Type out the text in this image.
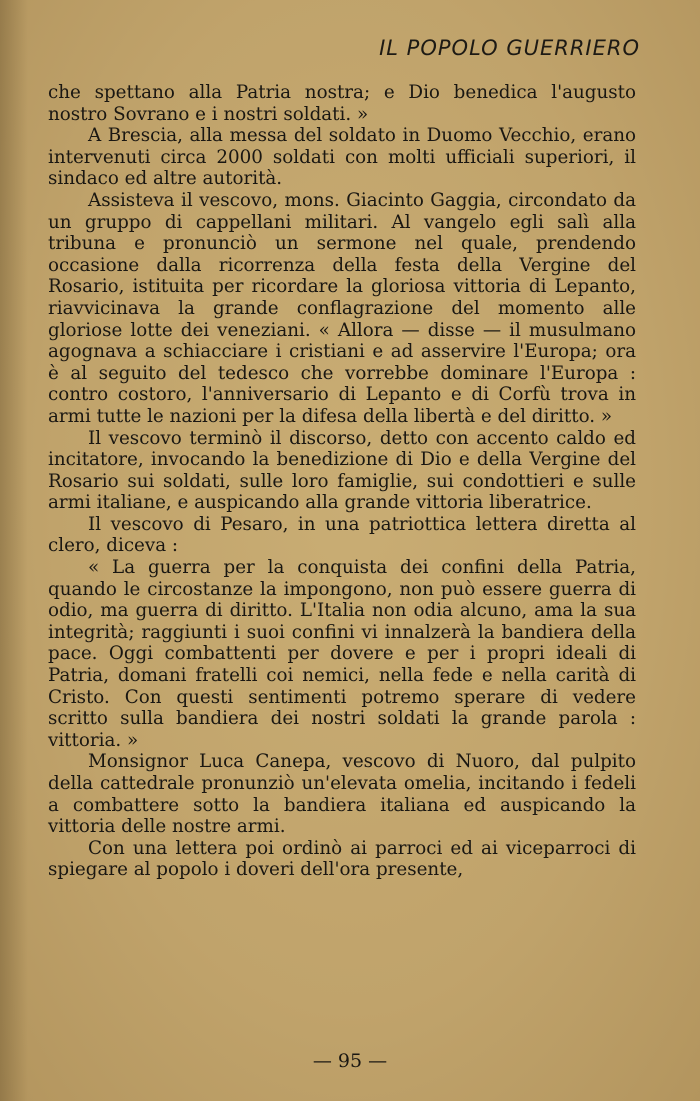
IL POPOLO GUERRIERO

che spettano alla Patria nostra; e Dio benedica l'augusto nostro Sovrano e i nostri soldati. »

A Brescia, alla messa del soldato in Duomo Vecchio, erano intervenuti circa 2000 soldati con molti ufficiali superiori, il sindaco ed altre autorità.

Assisteva il vescovo, mons. Giacinto Gaggia, circondato da un gruppo di cappellani militari. Al vangelo egli salì alla tribuna e pronunciò un sermone nel quale, prendendo occasione dalla ricorrenza della festa della Vergine del Rosario, istituita per ricordare la gloriosa vittoria di Lepanto, riavvicinava la grande conflagrazione del momento alle gloriose lotte dei veneziani. « Allora — disse — il musulmano agognava a schiacciare i cristiani e ad asservire l'Europa; ora è al seguito del tedesco che vorrebbe dominare l'Europa : contro costoro, l'anniversario di Lepanto e di Corfù trova in armi tutte le nazioni per la difesa della libertà e del diritto. »

Il vescovo terminò il discorso, detto con accento caldo ed incitatore, invocando la benedizione di Dio e della Vergine del Rosario sui soldati, sulle loro famiglie, sui condottieri e sulle armi italiane, e auspicando alla grande vittoria liberatrice.

Il vescovo di Pesaro, in una patriottica lettera diretta al clero, diceva :

« La guerra per la conquista dei confini della Patria, quando le circostanze la impongono, non può essere guerra di odio, ma guerra di diritto. L'Italia non odia alcuno, ama la sua integrità; raggiunti i suoi confini vi innalzerà la bandiera della pace. Oggi combattenti per dovere e per i propri ideali di Patria, domani fratelli coi nemici, nella fede e nella carità di Cristo. Con questi sentimenti potremo sperare di vedere scritto sulla bandiera dei nostri soldati la grande parola : vittoria. »

Monsignor Luca Canepa, vescovo di Nuoro, dal pulpito della cattedrale pronunziò un'elevata omelia, incitando i fedeli a combattere sotto la bandiera italiana ed auspicando la vittoria delle nostre armi.

Con una lettera poi ordinò ai parroci ed ai viceparroci di spiegare al popolo i doveri dell'ora presente,

— 95 —
